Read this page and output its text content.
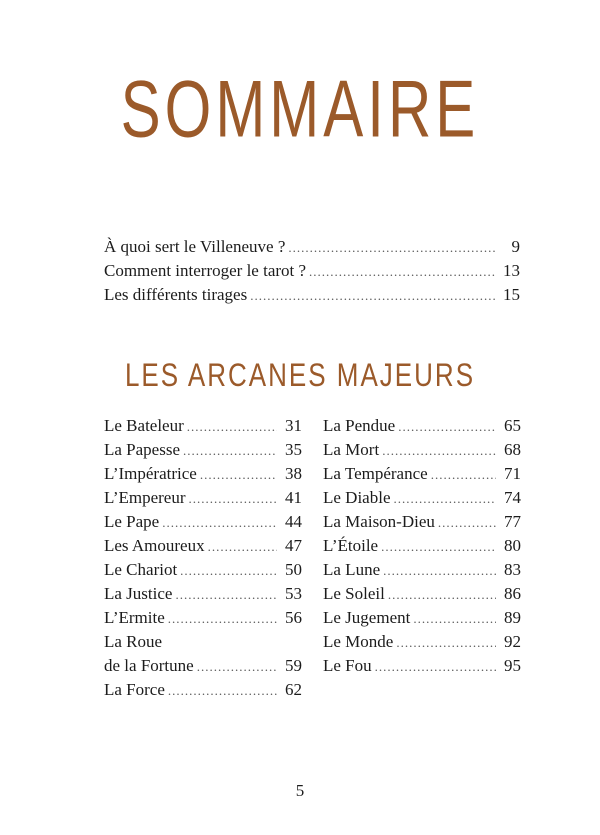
SOMMAIRE
À quoi sert le Villeneuve ? .....	9
Comment interroger le tarot ? .....	13
Les différents tirages .....	15
LES ARCANES MAJEURS
Le Bateleur .....	31
La Papesse .....	35
L’Impératrice .....	38
L’Empereur .....	41
Le Pape .....	44
Les Amoureux .....	47
Le Chariot .....	50
La Justice .....	53
L’Ermite .....	56
La Roue
de la Fortune .....	59
La Force .....	62
La Pendue .....	65
La Mort .....	68
La Tempérance .....	71
Le Diable .....	74
La Maison-Dieu .....	77
L’Étoile .....	80
La Lune .....	83
Le Soleil .....	86
Le Jugement .....	89
Le Monde .....	92
Le Fou .....	95
5
